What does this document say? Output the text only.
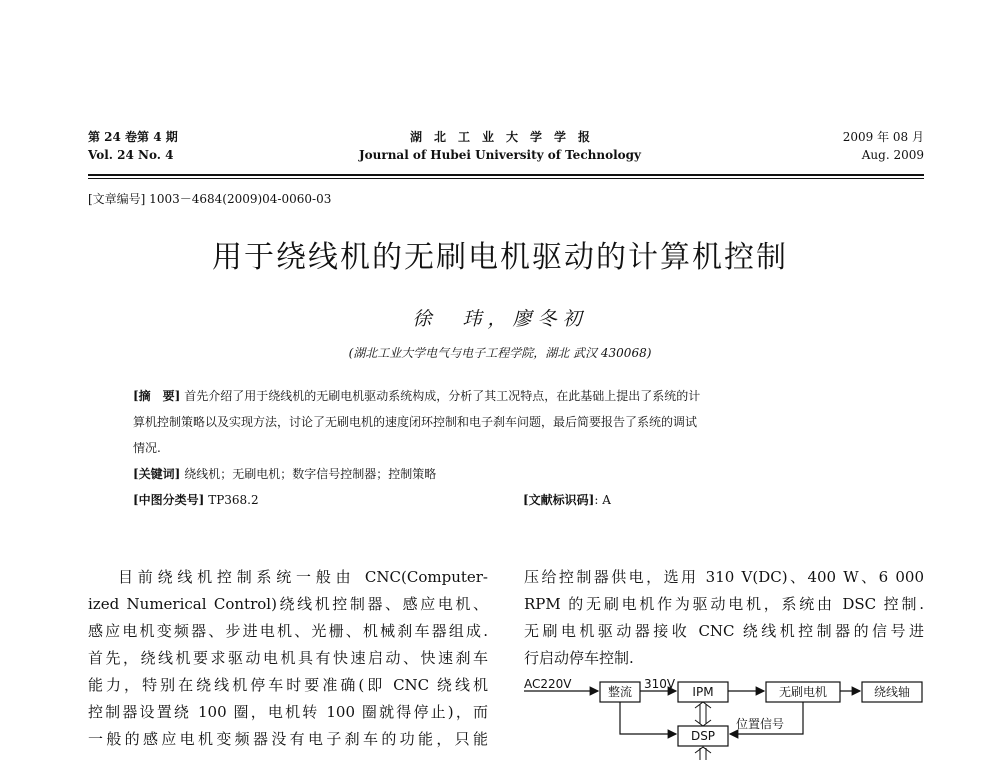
第 24 卷第 4 期
Vol. 24 No. 4
湖　北　工　业　大　学　学　报
Journal of Hubei University of Technology
2009 年 08 月
Aug. 2009
[文章编号] 1003－4684(2009)04-0060-03
用于绕线机的无刷电机驱动的计算机控制
徐　玮，廖冬初
(湖北工业大学电气与电子工程学院，湖北 武汉 430068)
[摘　要] 首先介绍了用于绕线机的无刷电机驱动系统构成，分析了其工况特点，在此基础上提出了系统的计
算机控制策略以及实现方法，讨论了无刷电机的速度闭环控制和电子刹车问题，最后简要报告了系统的调试
情况.
[关键词] 绕线机；无刷电机；数字信号控制器；控制策略
[中图分类号] TP368.2	[文献标识码]: A

目前绕线机控制系统一般由 CNC(Computer-

ized Numerical Control)绕线机控制器、感应电机、

感应电机变频器、步进电机、光栅、机械刹车器组成.

首先，绕线机要求驱动电机具有快速启动、快速刹车

能力，特别在绕线机停车时要准确(即 CNC 绕线机

控制器设置绕 100 圈，电机转 100 圈就得停止)，而

一般的感应电机变频器没有电子刹车的功能，只能

压给控制器供电，选用 310 V(DC)、400 W、6 000

RPM 的无刷电机作为驱动电机，系统由 DSC 控制.

无刷电机驱动器接收 CNC 绕线机控制器的信号进

行启动停车控制.

AC220V
整流
310V
IPM	无刷电机	绕线轴
DSP
位置信号
